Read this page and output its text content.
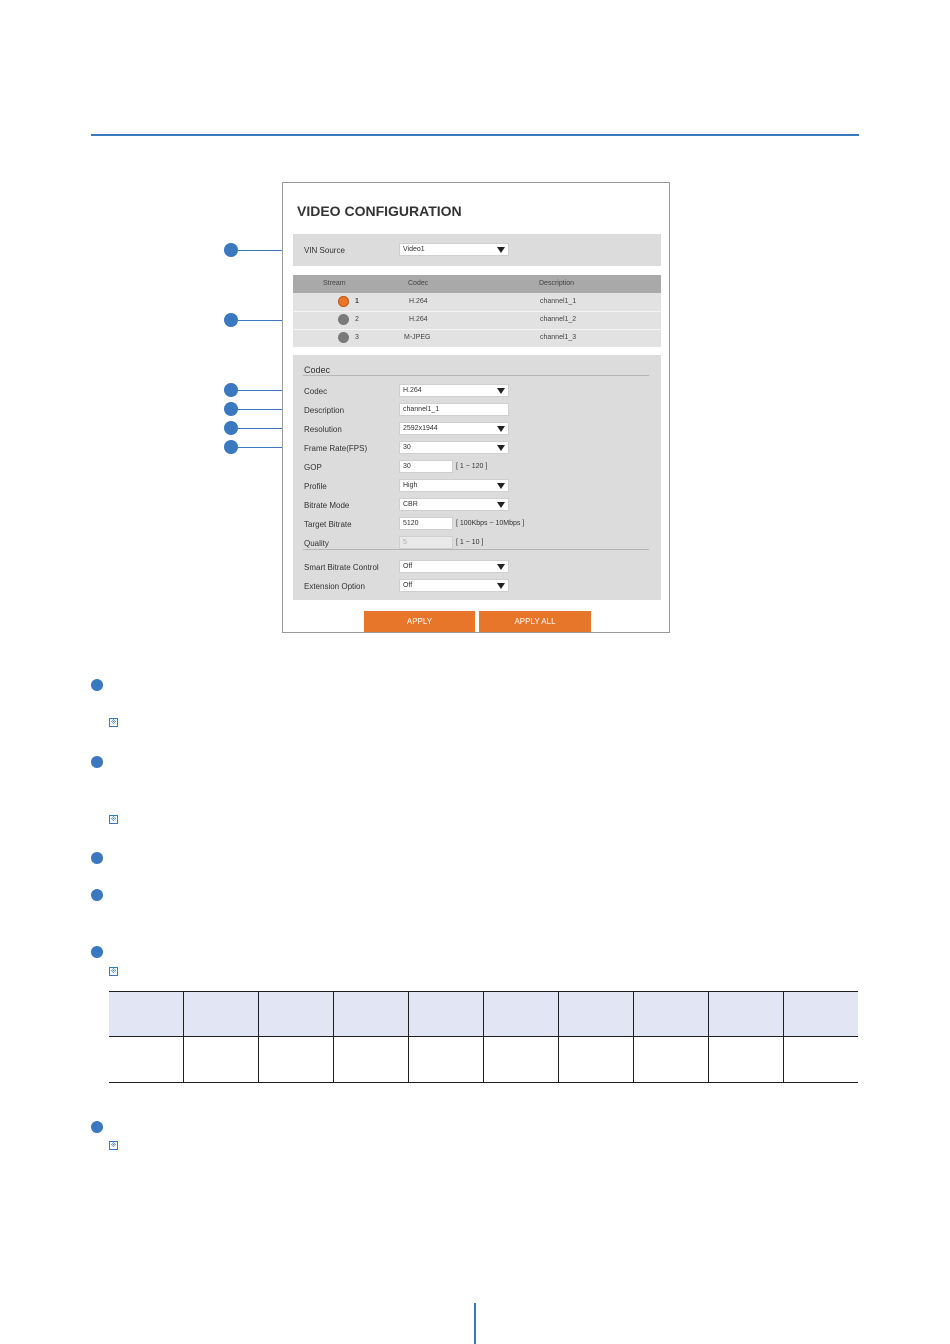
VIDEO CONFIGURATION
VIN Source	Video1
Stream	Codec	Description
1	H.264	channel1_1
2	H.264	channel1_2
3	M-JPEG	channel1_3
Codec
Codec	H.264
Description	channel1_1
Resolution	2592x1944
Frame Rate(FPS)	30
GOP	30	[ 1 ~ 120 ]
Profile	High
Bitrate Mode	CBR
Target Bitrate	5120	[ 100Kbps ~ 10Mbps ]
Quality	5	[ 1 ~ 10 ]
Smart Bitrate Control	Off
Extension Option	Off
APPLY	APPLY ALL
※
※
※

※
